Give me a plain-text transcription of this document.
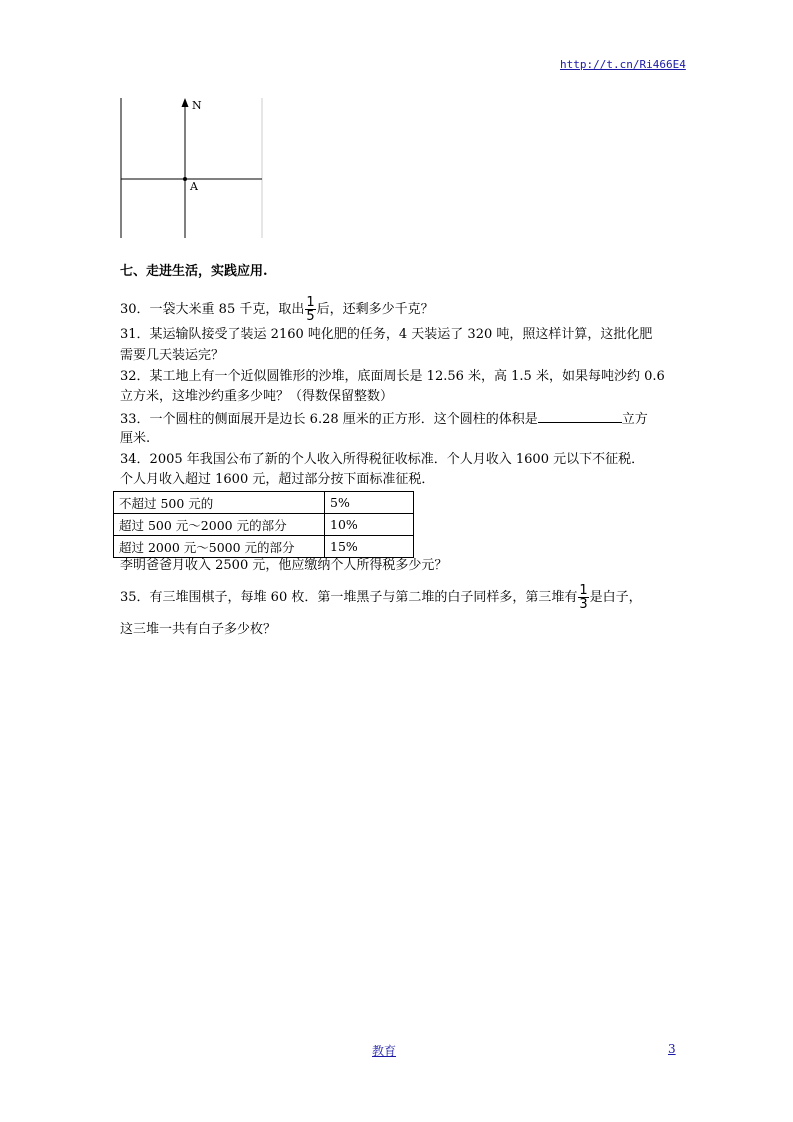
http://t.cn/Ri466E4
N
A
七、走进生活，实践应用.
30．一袋大米重 85 千克，取出 $\frac{1}{5}$ 后，还剩多少千克？
31．某运输队接受了装运 2160 吨化肥的任务，4 天装运了 320 吨，照这样计算，这批化肥
需要几天装运完？
32．某工地上有一个近似圆锥形的沙堆，底面周长是 12.56 米，高 1.5 米，如果每吨沙约 0.6
立方米，这堆沙约重多少吨？（得数保留整数）
33．一个圆柱的侧面展开是边长 6.28 厘米的正方形．这个圆柱的体积是	立方
厘米.
34．2005 年我国公布了新的个人收入所得税征收标准．个人月收入 1600 元以下不征税．
个人月收入超过 1600 元，超过部分按下面标准征税．
不超过 500 元的	5%
超过 500 元～2000 元的部分	10%
超过 2000 元～5000 元的部分	15%
李明爸爸月收入 2500 元，他应缴纳个人所得税多少元？
35．有三堆围棋子，每堆 60 枚．第一堆黑子与第二堆的白子同样多，第三堆有 $\frac{1}{3}$ 是白子，
这三堆一共有白子多少枚？
教育	3
